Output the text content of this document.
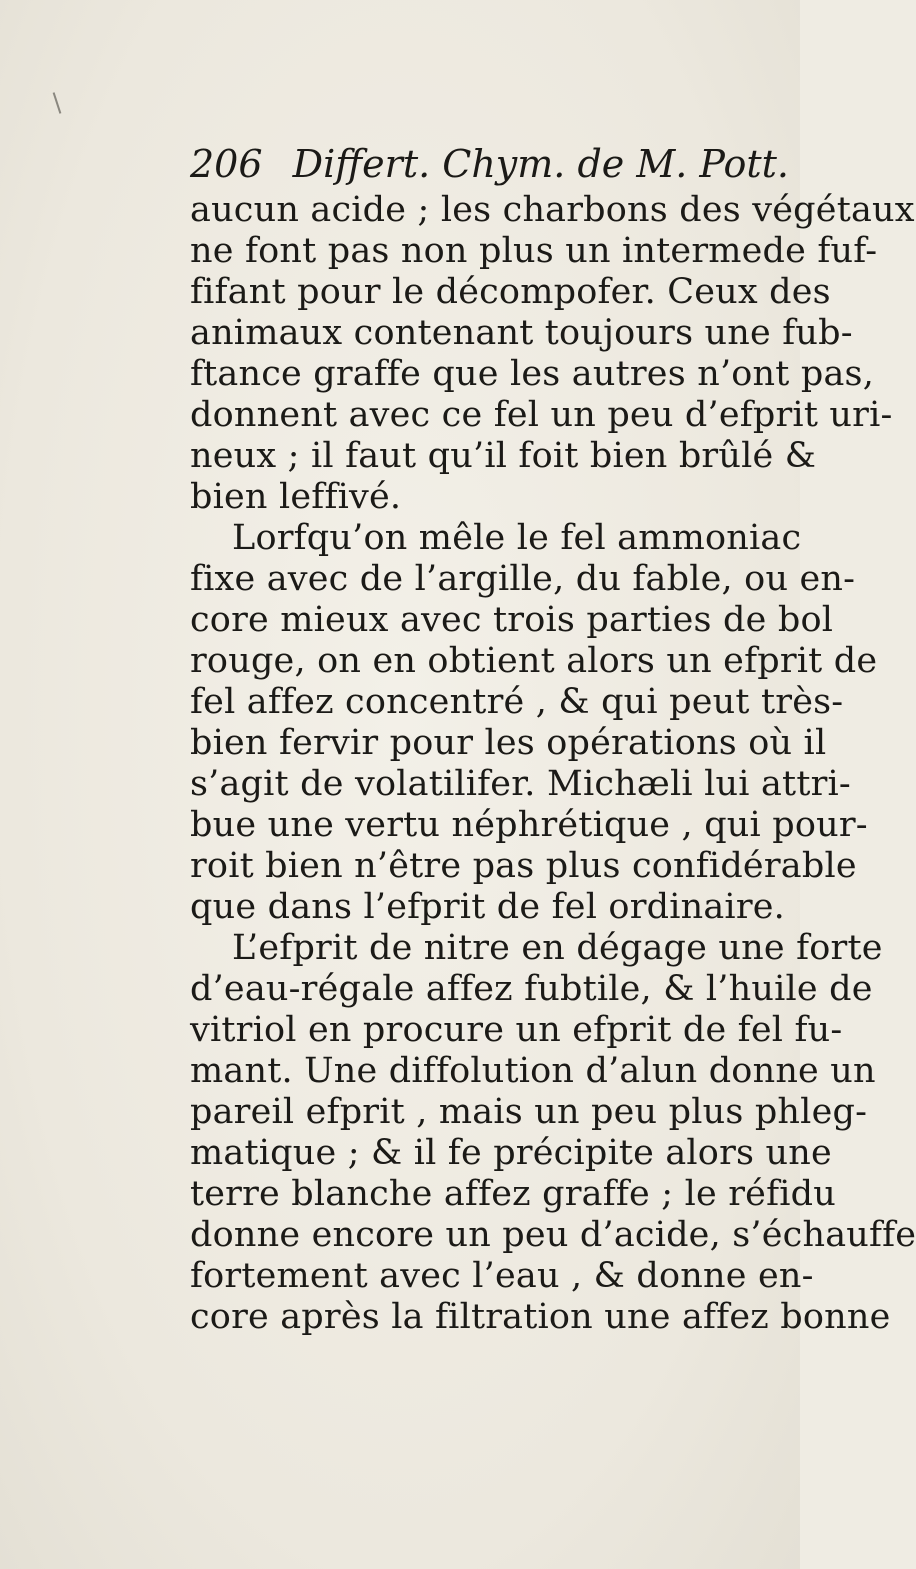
206 Differt. Chym. de M. Pott.
aucun acide ; les charbons des végétaux
ne font pas non plus un intermede fuf-
fifant pour le décompofer. Ceux des
animaux contenant toujours une fub-
ftance graffe que les autres n’ont pas,
donnent avec ce fel un peu d’efprit uri-
neux ; il faut qu’il foit bien brûlé &
bien leffivé.
Lorfqu’on mêle le fel ammoniac
fixe avec de l’argille, du fable, ou en-
core mieux avec trois parties de bol
rouge, on en obtient alors un efprit de
fel affez concentré , & qui peut très-
bien fervir pour les opérations où il
s’agit de volatilifer. Michæli lui attri-
bue une vertu néphrétique , qui pour-
roit bien n’être pas plus confidérable
que dans l’efprit de fel ordinaire.
L’efprit de nitre en dégage une forte
d’eau-régale affez fubtile, & l’huile de
vitriol en procure un efprit de fel fu-
mant. Une diffolution d’alun donne un
pareil efprit , mais un peu plus phleg-
matique ; & il fe précipite alors une
terre blanche affez graffe ; le réfidu
donne encore un peu d’acide, s’échauffe
fortement avec l’eau , & donne en-
core après la filtration une affez bonne
